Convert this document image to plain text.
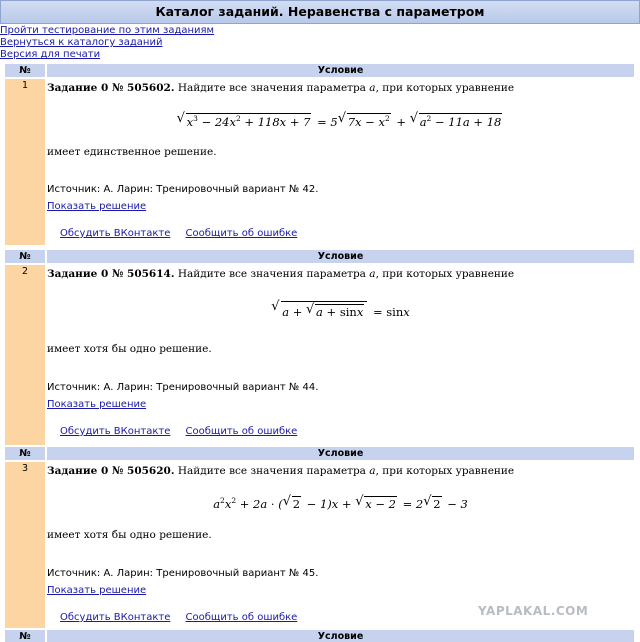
Каталог заданий. Неравенства с параметром
Пройти тестирование по этим заданиям
Вернуться к каталогу заданий
Версия для печати
№	Условие
1	Задание 0 № 505602. Найдите все значения параметра a, при которых уравнение
√ $x^3 - 24x^2 + 118x + 7 = 5√$ $7x - x^2$ + √ $a^2 - 11a + 18$
имеет единственное решение.
Источник: А. Ларин: Тренировочный вариант № 42.
Показать решение
Обсудить ВКонтакте Сообщить об ошибке
№	Условие
2	Задание 0 № 505614. Найдите все значения параметра a, при которых уравнение
√ a + √ a + sinx = sinx
имеет хотя бы одно решение.
Источник: А. Ларин: Тренировочный вариант № 44.
Показать решение
Обсудить ВКонтакте Сообщить об ошибке
№	Условие
3	Задание 0 № 505620. Найдите все значения параметра a, при которых уравнение
$a^2x^2 + 2a$ · (√ 2 − 1)x + √ x − 2 = 2√ 2 − 3
имеет хотя бы одно решение.
Источник: А. Ларин: Тренировочный вариант № 45.
Показать решение
Обсудить ВКонтакте Сообщить об ошибке
№	Условие
YAPLAKAL.COM
